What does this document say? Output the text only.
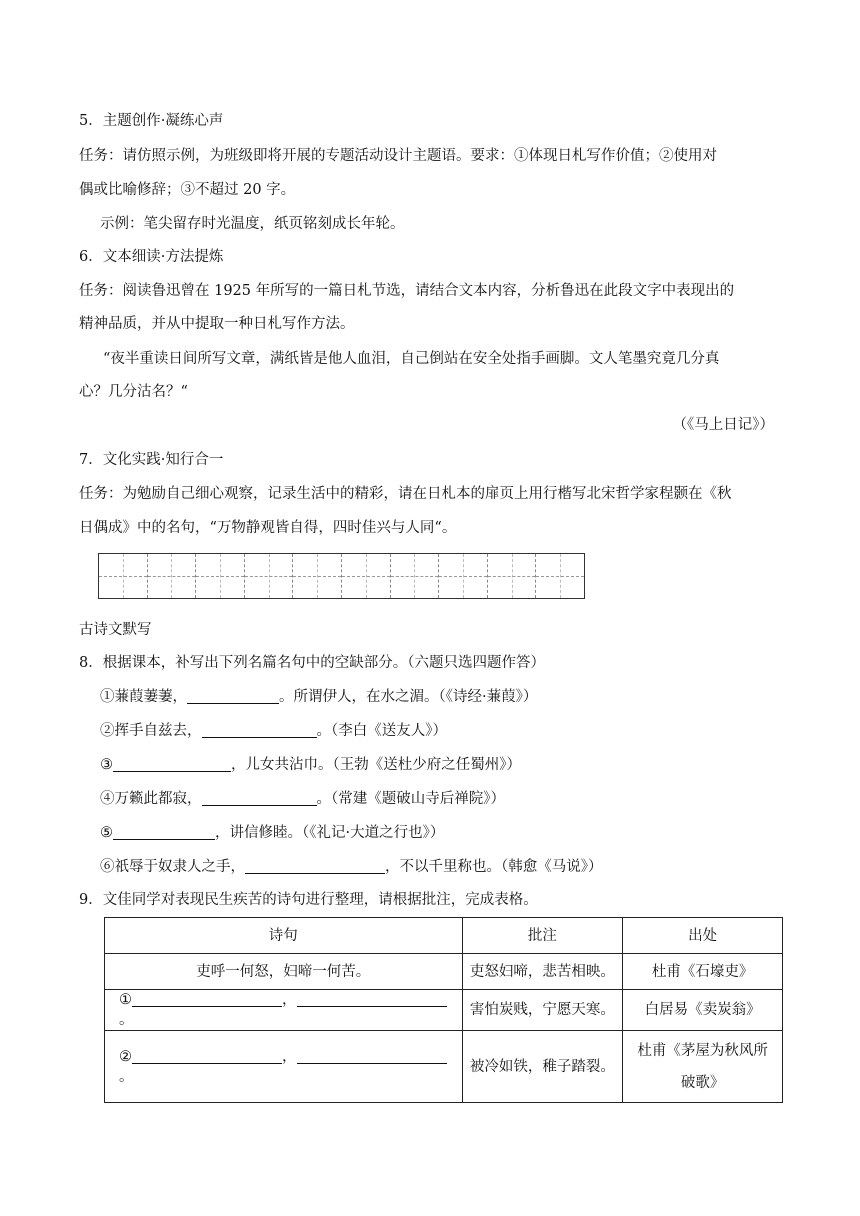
5．主题创作·凝练心声
任务：请仿照示例，为班级即将开展的专题活动设计主题语。要求：①体现日札写作价值；②使用对
偶或比喻修辞；③不超过 20 字。
示例：笔尖留存时光温度，纸页铭刻成长年轮。
6．文本细读·方法提炼
任务：阅读鲁迅曾在 1925 年所写的一篇日札节选，请结合文本内容，分析鲁迅在此段文字中表现出的
精神品质，并从中提取一种日札写作方法。
“夜半重读日间所写文章，满纸皆是他人血泪，自己倒站在安全处指手画脚。文人笔墨究竟几分真
心？几分沽名？“
（《马上日记》）
7．文化实践·知行合一
任务：为勉励自己细心观察，记录生活中的精彩，请在日札本的扉页上用行楷写北宋哲学家程颢在《秋
日偶成》中的名句，“万物静观皆自得，四时佳兴与人同“。
古诗文默写
8．根据课本，补写出下列名篇名句中的空缺部分。（六题只选四题作答）
①蒹葭萋萋，	。所谓伊人，在水之湄。（《诗经·蒹葭》）
②挥手自兹去，	。（李白《送友人》）
③	，儿女共沾巾。（王勃《送杜少府之任蜀州》）
④万籁此都寂，	。（常建《题破山寺后禅院》）
⑤	，讲信修睦。（《礼记·大道之行也》）
⑥祇辱于奴隶人之手，	，不以千里称也。（韩愈《马说》）
9．文佳同学对表现民生疾苦的诗句进行整理，请根据批注，完成表格。
诗句	批注	出处
吏呼一何怒，妇啼一何苦。	吏怒妇啼，悲苦相映。	杜甫《石壕吏》
① ，。	害怕炭贱，宁愿天寒。	白居易《卖炭翁》
② ，。	被冷如铁，稚子踏裂。	杜甫《茅屋为秋风所破歌》
